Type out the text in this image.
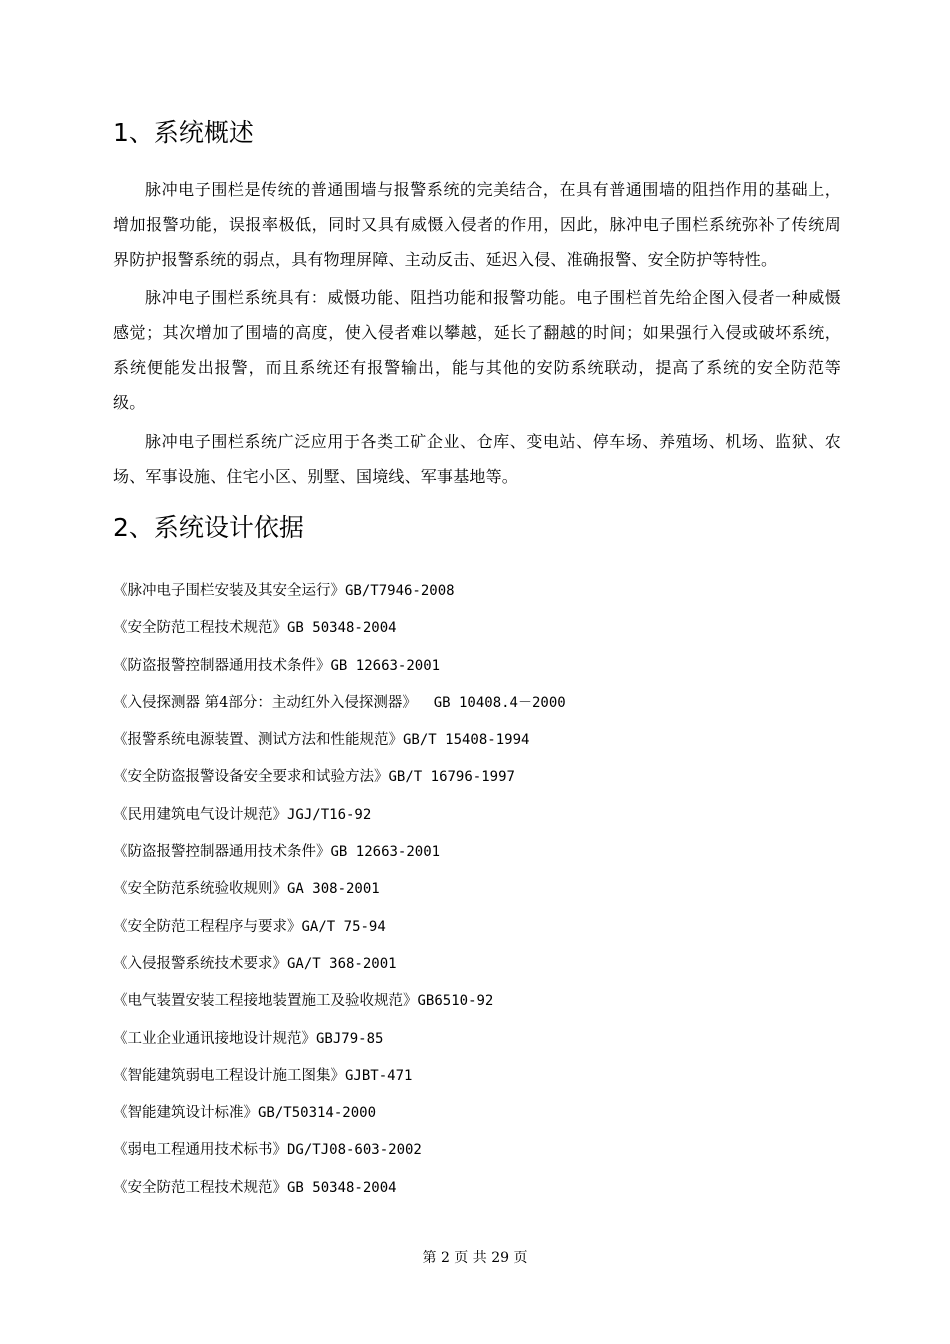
1、系统概述

脉冲电子围栏是传统的普通围墙与报警系统的完美结合，在具有普通围墙的阻挡作用的基础上，增加报警功能，误报率极低，同时又具有威慑入侵者的作用，因此，脉冲电子围栏系统弥补了传统周界防护报警系统的弱点，具有物理屏障、主动反击、延迟入侵、准确报警、安全防护等特性。

脉冲电子围栏系统具有：威慑功能、阻挡功能和报警功能。电子围栏首先给企图入侵者一种威慑感觉；其次增加了围墙的高度，使入侵者难以攀越，延长了翻越的时间；如果强行入侵或破坏系统，系统便能发出报警，而且系统还有报警输出，能与其他的安防系统联动，提高了系统的安全防范等级。

脉冲电子围栏系统广泛应用于各类工矿企业、仓库、变电站、停车场、养殖场、机场、监狱、农场、军事设施、住宅小区、别墅、国境线、军事基地等。

2、系统设计依据
《脉冲电子围栏安装及其安全运行》GB/T7946-2008
《安全防范工程技术规范》GB 50348-2004
《防盗报警控制器通用技术条件》GB 12663-2001
《入侵探测器 第4部分：主动红外入侵探测器》  GB 10408.4－2000
《报警系统电源装置、测试方法和性能规范》GB/T 15408-1994
《安全防盗报警设备安全要求和试验方法》GB/T 16796-1997
《民用建筑电气设计规范》JGJ/T16-92
《防盗报警控制器通用技术条件》GB 12663-2001
《安全防范系统验收规则》GA 308-2001
《安全防范工程程序与要求》GA/T 75-94
《入侵报警系统技术要求》GA/T 368-2001
《电气装置安装工程接地装置施工及验收规范》GB6510-92
《工业企业通讯接地设计规范》GBJ79-85
《智能建筑弱电工程设计施工图集》GJBT-471
《智能建筑设计标准》GB/T50314-2000
《弱电工程通用技术标书》DG/TJ08-603-2002
《安全防范工程技术规范》GB 50348-2004
第 2 页 共 29 页
